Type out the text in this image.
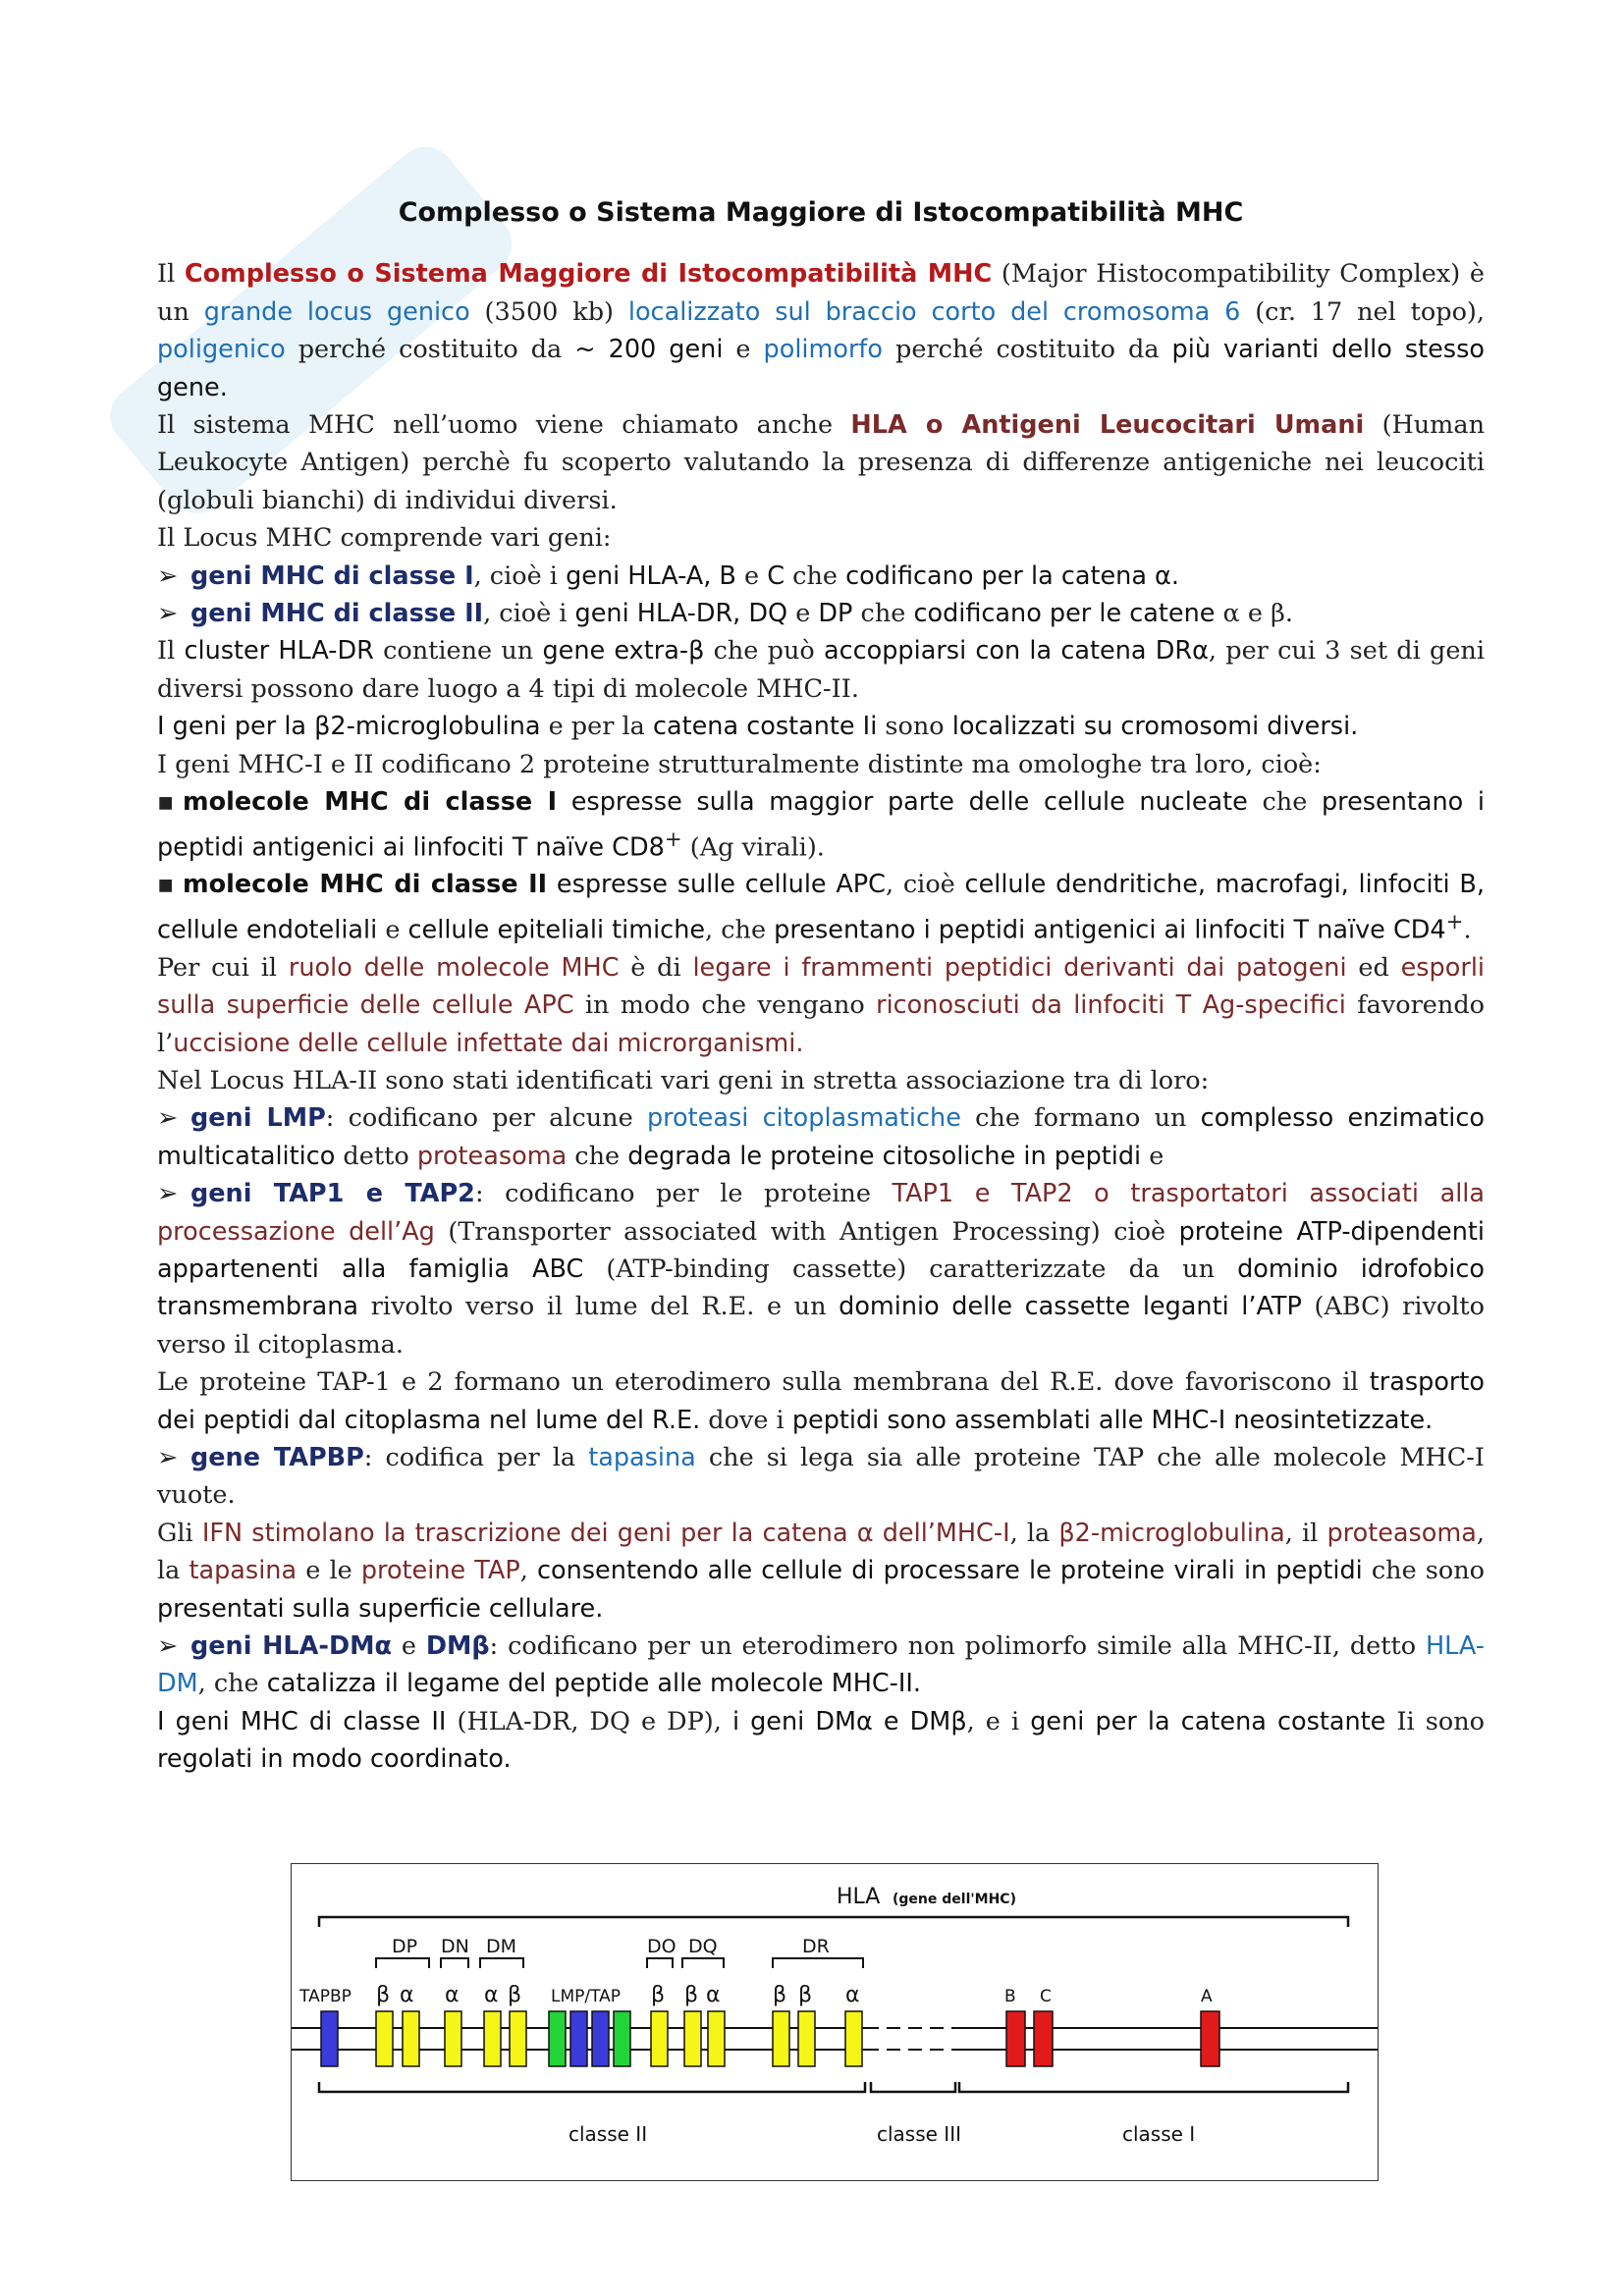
Complesso o Sistema Maggiore di Istocompatibilità MHC

Il Complesso o Sistema Maggiore di Istocompatibilità MHC (Major Histocompatibility Complex) è un grande locus genico (3500 kb) localizzato sul braccio corto del cromosoma 6 (cr. 17 nel topo), poligenico perché costituito da ~ 200 geni e polimorfo perché costituito da più varianti dello stesso gene.

Il sistema MHC nell’uomo viene chiamato anche HLA o Antigeni Leucocitari Umani (Human Leukocyte Antigen) perchè fu scoperto valutando la presenza di differenze antigeniche nei leucociti (globuli bianchi) di individui diversi.

Il Locus MHC comprende vari geni:

➢ geni MHC di classe I, cioè i geni HLA-A, B e C che codificano per la catena α.

➢ geni MHC di classe II, cioè i geni HLA-DR, DQ e DP che codificano per le catene α e β.

Il cluster HLA-DR contiene un gene extra-β che può accoppiarsi con la catena DRα, per cui 3 set di geni diversi possono dare luogo a 4 tipi di molecole MHC-II.

I geni per la β2-microglobulina e per la catena costante Ii sono localizzati su cromosomi diversi.

I geni MHC-I e II codificano 2 proteine strutturalmente distinte ma omologhe tra loro, cioè:

▪ molecole MHC di classe I espresse sulla maggior parte delle cellule nucleate che presentano i peptidi antigenici ai linfociti T naïve CD8+ (Ag virali).

▪ molecole MHC di classe II espresse sulle cellule APC, cioè cellule dendritiche, macrofagi, linfociti B, cellule endoteliali e cellule epiteliali timiche, che presentano i peptidi antigenici ai linfociti T naïve CD4+.

Per cui il ruolo delle molecole MHC è di legare i frammenti peptidici derivanti dai patogeni ed esporli sulla superficie delle cellule APC in modo che vengano riconosciuti da linfociti T Ag-specifici favorendo l’uccisione delle cellule infettate dai microrganismi.

Nel Locus HLA-II sono stati identificati vari geni in stretta associazione tra di loro:

➢ geni LMP: codificano per alcune proteasi citoplasmatiche che formano un complesso enzimatico multicatalitico detto proteasoma che degrada le proteine citosoliche in peptidi e

➢ geni TAP1 e TAP2: codificano per le proteine TAP1 e TAP2 o trasportatori associati alla processazione dell’Ag (Transporter associated with Antigen Processing) cioè proteine ATP-dipendenti appartenenti alla famiglia ABC (ATP-binding cassette) caratterizzate da un dominio idrofobico transmembrana rivolto verso il lume del R.E. e un dominio delle cassette leganti l’ATP (ABC) rivolto verso il citoplasma.

Le proteine TAP-1 e 2 formano un eterodimero sulla membrana del R.E. dove favoriscono il trasporto dei peptidi dal citoplasma nel lume del R.E. dove i peptidi sono assemblati alle MHC-I neosintetizzate.

➢ gene TAPBP: codifica per la tapasina che si lega sia alle proteine TAP che alle molecole MHC-I vuote.

Gli IFN stimolano la trascrizione dei geni per la catena α dell’MHC-I, la β2-microglobulina, il proteasoma, la tapasina e le proteine TAP, consentendo alle cellule di processare le proteine virali in peptidi che sono presentati sulla superficie cellulare.

➢ geni HLA-DMα e DMβ: codificano per un eterodimero non polimorfo simile alla MHC-II, detto HLA-DM, che catalizza il legame del peptide alle molecole MHC-II.

I geni MHC di classe II (HLA-DR, DQ e DP), i geni DMα e DMβ, e i geni per la catena costante Ii sono regolati in modo coordinato.

HLA (gene dell'MHC)
DP DN DM	DO DQ	DR
TAPBP β α α α β LMP/TAP β β α β β α	B C	A
classe II	classe III	classe I
